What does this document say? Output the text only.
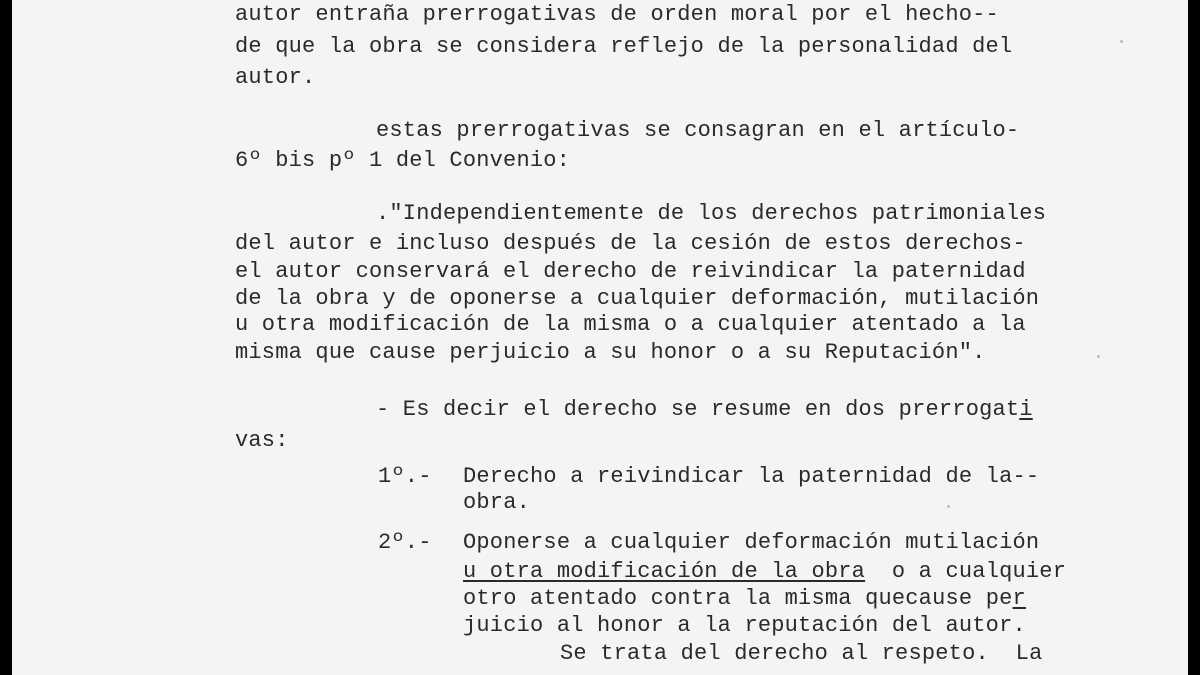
autor entraña prerrogativas de orden moral por el hecho--
de que la obra se considera reflejo de la personalidad del
autor.
estas prerrogativas se consagran en el artículo-
6º bis pº 1 del Convenio:
."Independientemente de los derechos patrimoniales
del autor e incluso después de la cesión de estos derechos-
el autor conservará el derecho de reivindicar la paternidad
de la obra y de oponerse a cualquier deformación, mutilación
u otra modificación de la misma o a cualquier atentado a la
misma que cause perjuicio a su honor o a su Reputación".
- Es decir el derecho se resume en dos prerrogati
vas:
1º.- Derecho a reivindicar la paternidad de la--
obra.
2º.- Oponerse a cualquier deformación mutilación
u otra modificación de la obra  o a cualquier
otro atentado contra la misma quecause per
juicio al honor a la reputación del autor.
Se trata del derecho al respeto.  La
